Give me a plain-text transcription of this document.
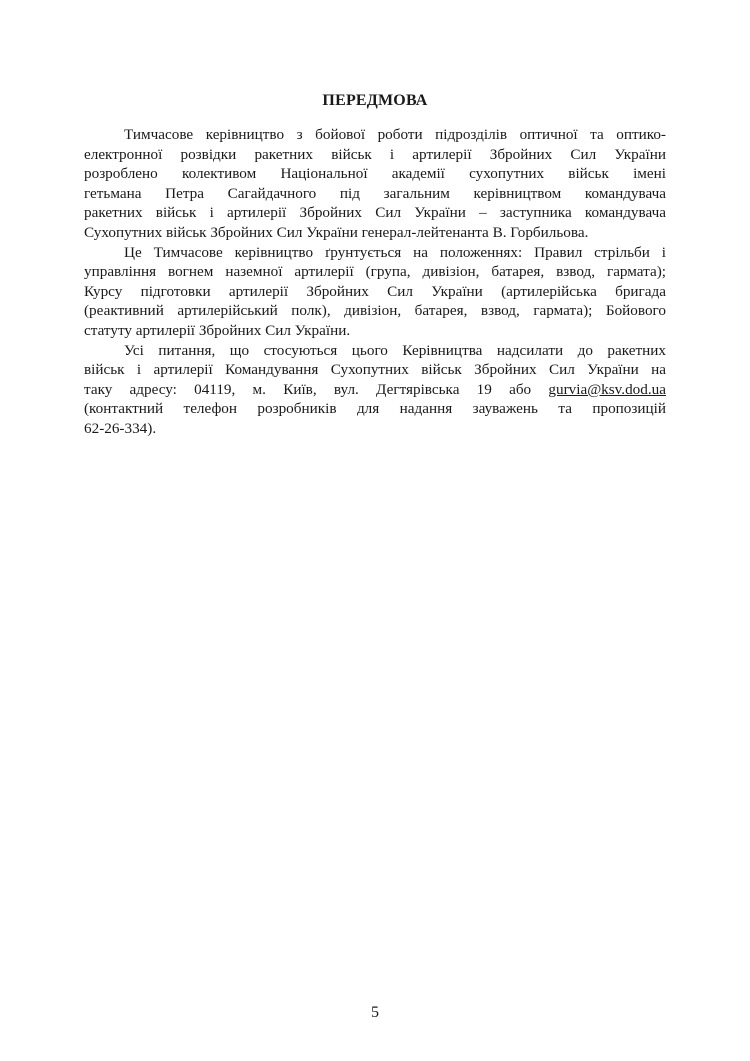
ПЕРЕДМОВА

Тимчасове керівництво з бойової роботи підрозділів оптичної та оптико-
електронної розвідки ракетних військ і артилерії Збройних Сил України
розроблено колективом Національної академії сухопутних військ імені
гетьмана Петра Сагайдачного під загальним керівництвом командувача
ракетних військ і артилерії Збройних Сил України – заступника командувача
Сухопутних військ Збройних Сил України генерал-лейтенанта В. Горбильова.

Це Тимчасове керівництво ґрунтується на положеннях: Правил стрільби і
управління вогнем наземної артилерії (група, дивізіон, батарея, взвод, гармата);
Курсу підготовки артилерії Збройних Сил України (артилерійська бригада
(реактивний артилерійський полк), дивізіон, батарея, взвод, гармата); Бойового
статуту артилерії Збройних Сил України.

Усі питання, що стосуються цього Керівництва надсилати до ракетних
військ і артилерії Командування Сухопутних військ Збройних Сил України на
таку адресу: 04119, м. Київ, вул. Дегтярівська 19 або gurvia@ksv.dod.ua
(контактний телефон розробників для надання зауважень та пропозицій
62-26-334).

5
